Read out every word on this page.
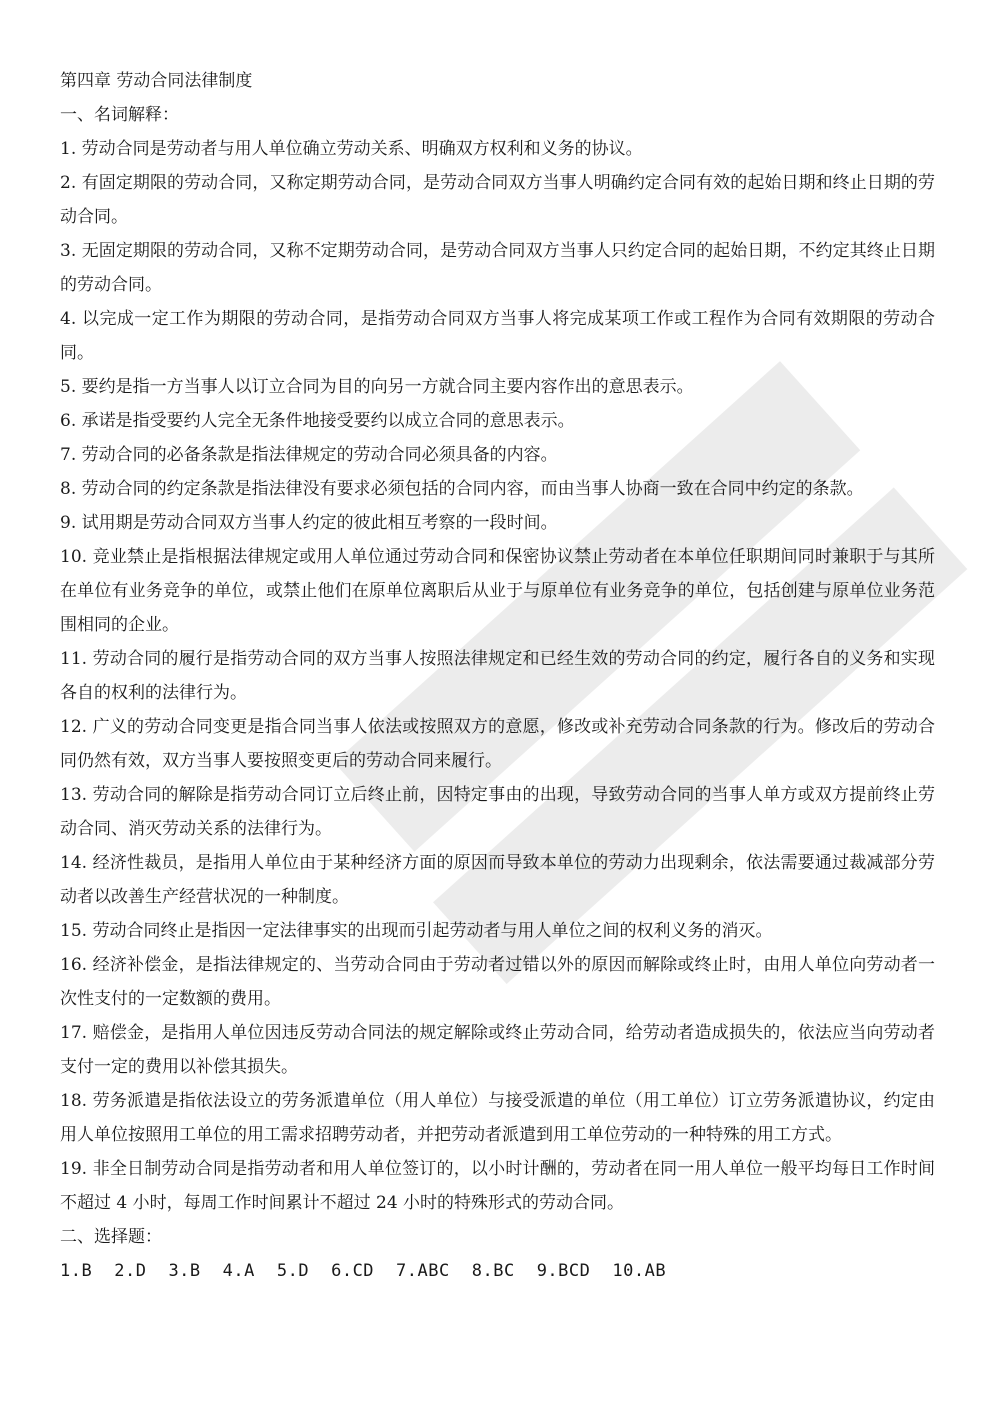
第四章 劳动合同法律制度

一、名词解释：

1. 劳动合同是劳动者与用人单位确立劳动关系、明确双方权利和义务的协议。

2. 有固定期限的劳动合同，又称定期劳动合同，是劳动合同双方当事人明确约定合同有效的起始日期和终止日期的劳动合同。

3. 无固定期限的劳动合同，又称不定期劳动合同，是劳动合同双方当事人只约定合同的起始日期，不约定其终止日期的劳动合同。

4. 以完成一定工作为期限的劳动合同，是指劳动合同双方当事人将完成某项工作或工程作为合同有效期限的劳动合同。

5. 要约是指一方当事人以订立合同为目的向另一方就合同主要内容作出的意思表示。

6. 承诺是指受要约人完全无条件地接受要约以成立合同的意思表示。

7. 劳动合同的必备条款是指法律规定的劳动合同必须具备的内容。

8. 劳动合同的约定条款是指法律没有要求必须包括的合同内容，而由当事人协商一致在合同中约定的条款。

9. 试用期是劳动合同双方当事人约定的彼此相互考察的一段时间。

10. 竞业禁止是指根据法律规定或用人单位通过劳动合同和保密协议禁止劳动者在本单位任职期间同时兼职于与其所在单位有业务竞争的单位，或禁止他们在原单位离职后从业于与原单位有业务竞争的单位，包括创建与原单位业务范围相同的企业。

11. 劳动合同的履行是指劳动合同的双方当事人按照法律规定和已经生效的劳动合同的约定，履行各自的义务和实现各自的权利的法律行为。

12. 广义的劳动合同变更是指合同当事人依法或按照双方的意愿，修改或补充劳动合同条款的行为。修改后的劳动合同仍然有效，双方当事人要按照变更后的劳动合同来履行。

13. 劳动合同的解除是指劳动合同订立后终止前，因特定事由的出现，导致劳动合同的当事人单方或双方提前终止劳动合同、消灭劳动关系的法律行为。

14. 经济性裁员，是指用人单位由于某种经济方面的原因而导致本单位的劳动力出现剩余，依法需要通过裁减部分劳动者以改善生产经营状况的一种制度。

15. 劳动合同终止是指因一定法律事实的出现而引起劳动者与用人单位之间的权利义务的消灭。

16. 经济补偿金，是指法律规定的、当劳动合同由于劳动者过错以外的原因而解除或终止时，由用人单位向劳动者一次性支付的一定数额的费用。

17. 赔偿金，是指用人单位因违反劳动合同法的规定解除或终止劳动合同，给劳动者造成损失的，依法应当向劳动者支付一定的费用以补偿其损失。

18. 劳务派遣是指依法设立的劳务派遣单位（用人单位）与接受派遣的单位（用工单位）订立劳务派遣协议，约定由用人单位按照用工单位的用工需求招聘劳动者，并把劳动者派遣到用工单位劳动的一种特殊的用工方式。

19. 非全日制劳动合同是指劳动者和用人单位签订的，以小时计酬的，劳动者在同一用人单位一般平均每日工作时间不超过 4 小时，每周工作时间累计不超过 24 小时的特殊形式的劳动合同。

二、选择题：

1.B 2.D 3.B 4.A 5.D 6.CD 7.ABC 8.BC 9.BCD 10.AB
